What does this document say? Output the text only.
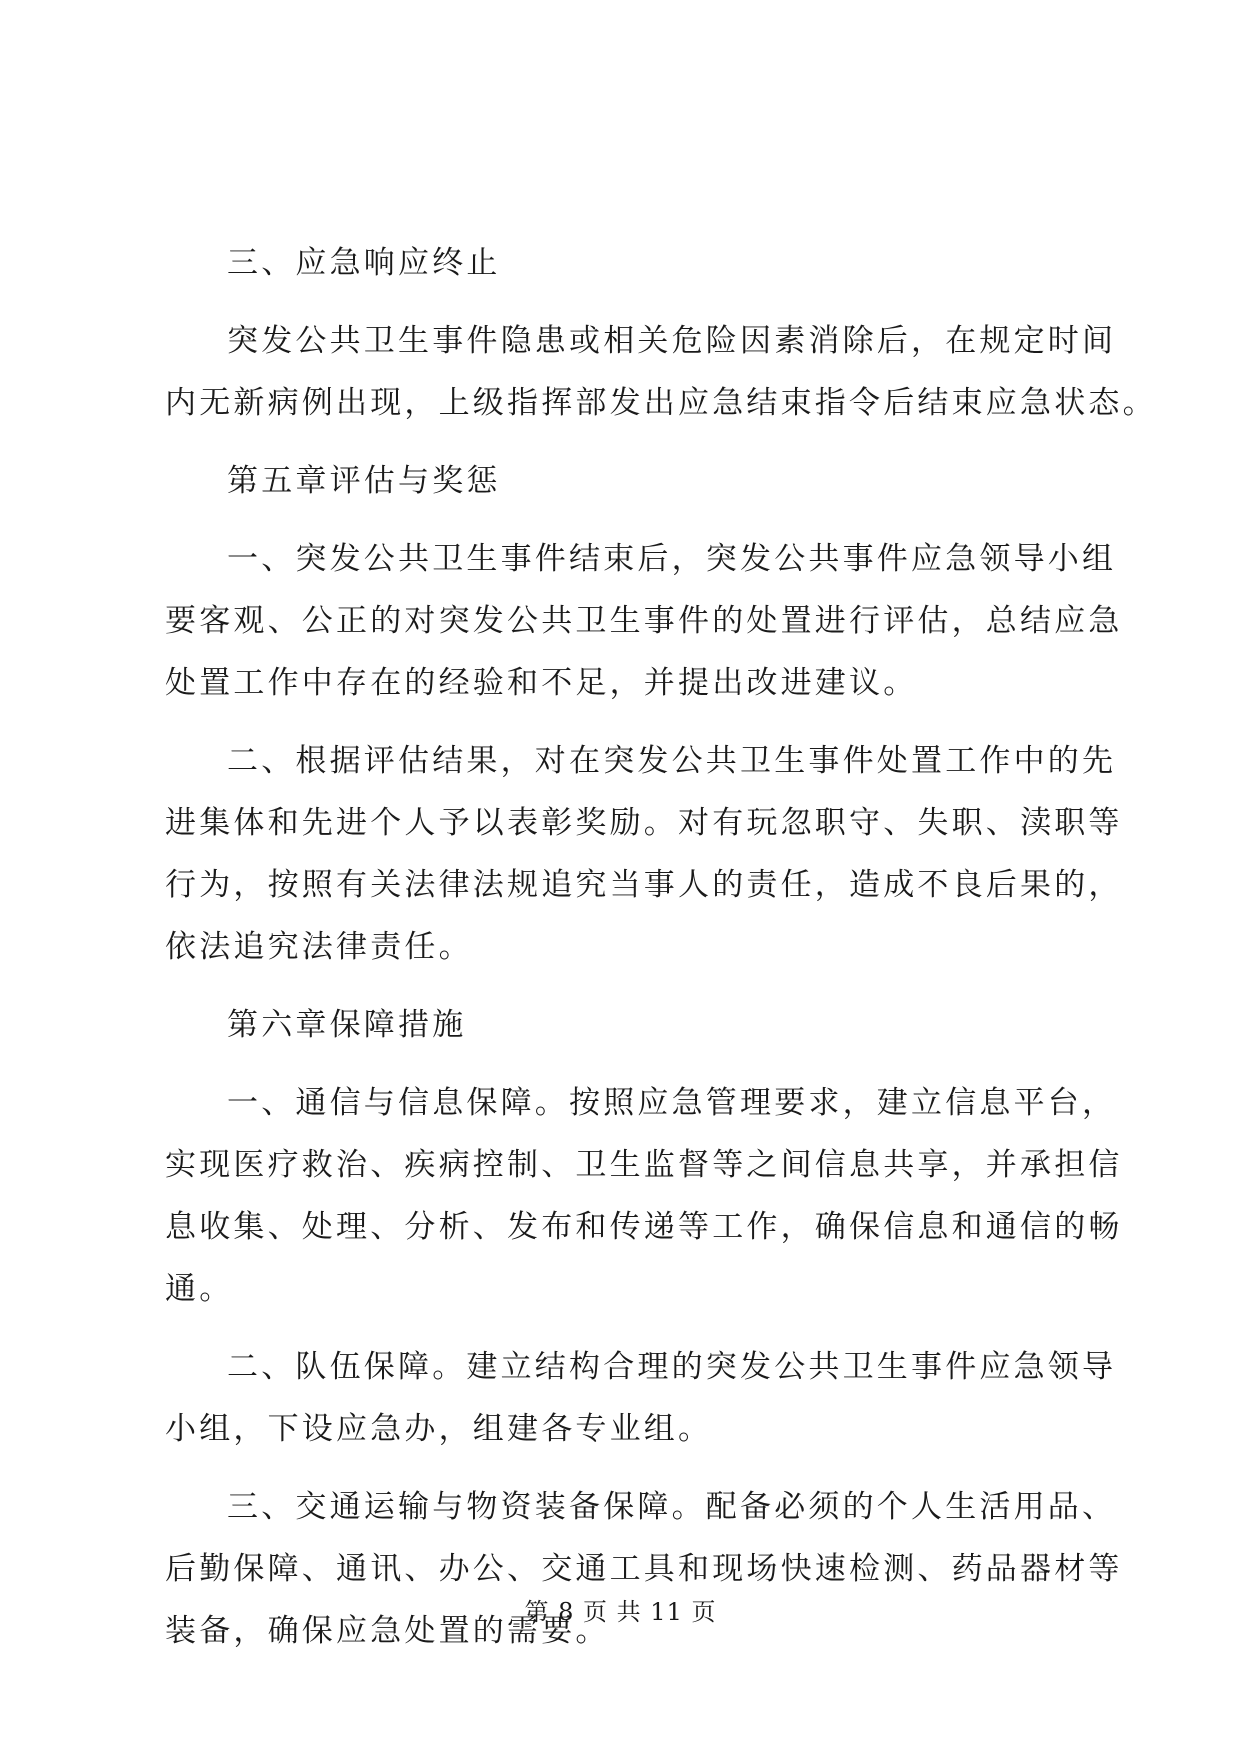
三、应急响应终止
突发公共卫生事件隐患或相关危险因素消除后，在规定时间
内无新病例出现，上级指挥部发出应急结束指令后结束应急状态。
第五章评估与奖惩
一、突发公共卫生事件结束后，突发公共事件应急领导小组
要客观、公正的对突发公共卫生事件的处置进行评估，总结应急
处置工作中存在的经验和不足，并提出改进建议。
二、根据评估结果，对在突发公共卫生事件处置工作中的先
进集体和先进个人予以表彰奖励。对有玩忽职守、失职、渎职等
行为，按照有关法律法规追究当事人的责任，造成不良后果的，
依法追究法律责任。
第六章保障措施
一、通信与信息保障。按照应急管理要求，建立信息平台，
实现医疗救治、疾病控制、卫生监督等之间信息共享，并承担信
息收集、处理、分析、发布和传递等工作，确保信息和通信的畅
通。
二、队伍保障。建立结构合理的突发公共卫生事件应急领导
小组，下设应急办，组建各专业组。
三、交通运输与物资装备保障。配备必须的个人生活用品、
后勤保障、通讯、办公、交通工具和现场快速检测、药品器材等
装备，确保应急处置的需要。
第 8 页 共 11 页
